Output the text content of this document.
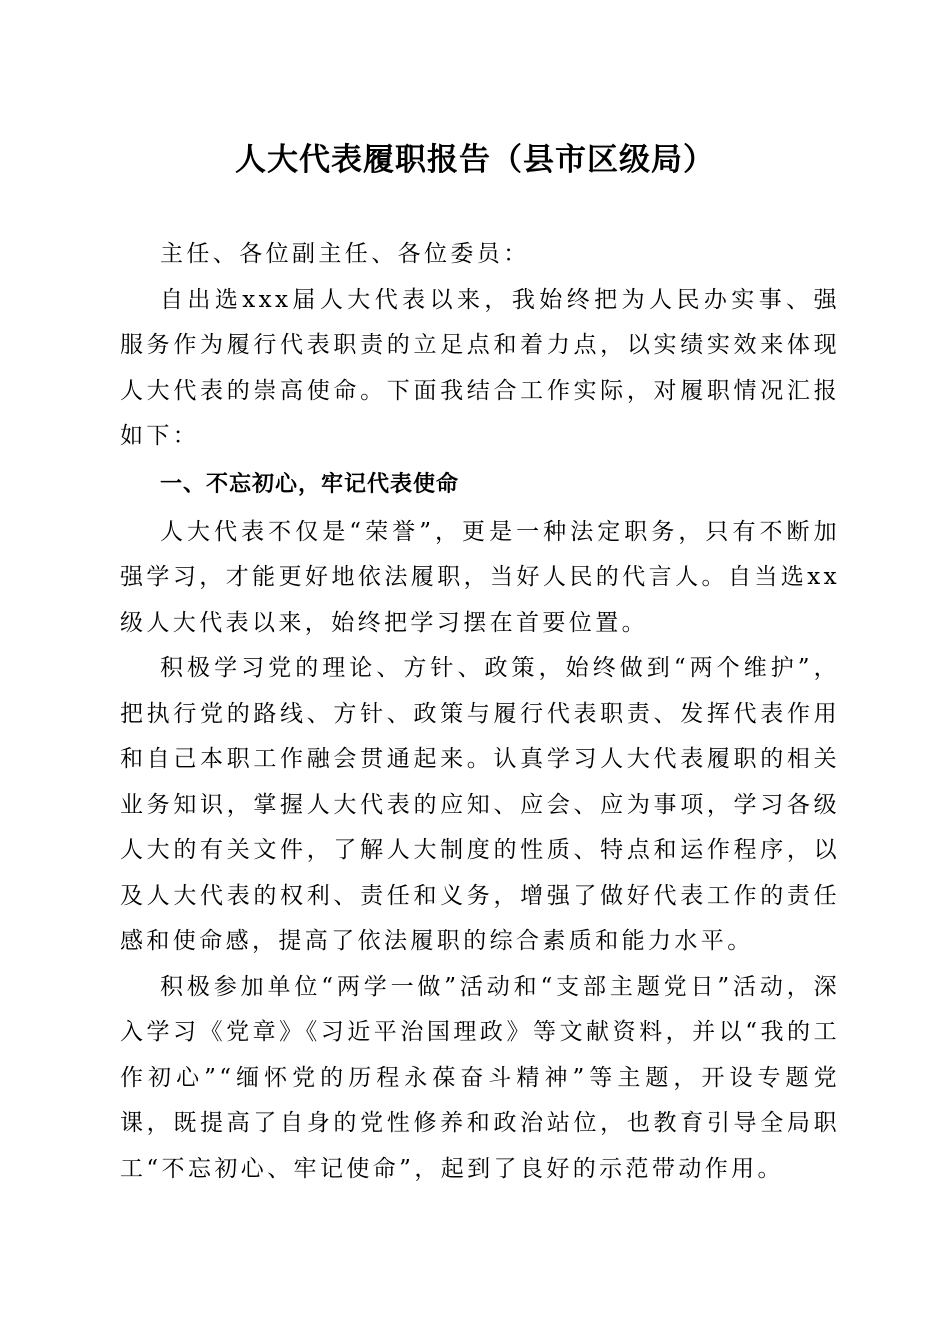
人大代表履职报告（县市区级局）

主任、各位副主任、各位委员：

自出选xxx届人大代表以来，我始终把为人民办实事、强服务作为履行代表职责的立足点和着力点，以实绩实效来体现人大代表的崇高使命。下面我结合工作实际，对履职情况汇报如下：

一、不忘初心，牢记代表使命

人大代表不仅是“荣誉”，更是一种法定职务，只有不断加强学习，才能更好地依法履职，当好人民的代言人。自当选xx级人大代表以来，始终把学习摆在首要位置。

积极学习党的理论、方针、政策，始终做到“两个维护”，把执行党的路线、方针、政策与履行代表职责、发挥代表作用和自己本职工作融会贯通起来。认真学习人大代表履职的相关业务知识，掌握人大代表的应知、应会、应为事项，学习各级人大的有关文件，了解人大制度的性质、特点和运作程序，以及人大代表的权利、责任和义务，增强了做好代表工作的责任感和使命感，提高了依法履职的综合素质和能力水平。

积极参加单位“两学一做”活动和“支部主题党日”活动，深入学习《党章》《习近平治国理政》等文献资料，并以“我的工作初心”“缅怀党的历程永葆奋斗精神”等主题，开设专题党课，既提高了自身的党性修养和政治站位，也教育引导全局职工“不忘初心、牢记使命”，起到了良好的示范带动作用。
